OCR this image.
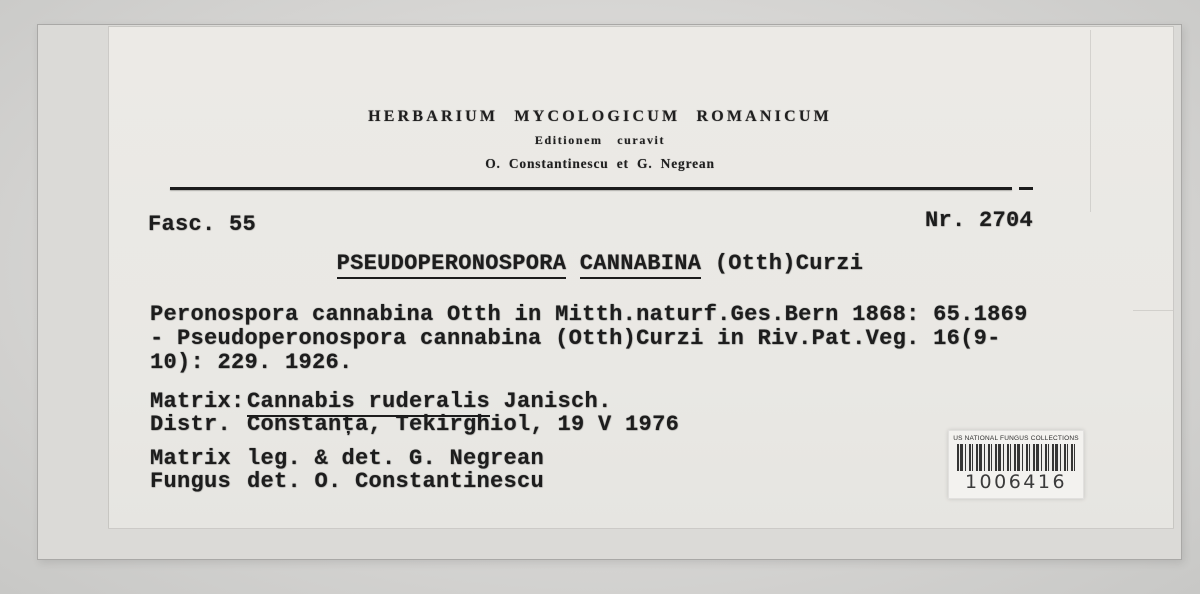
HERBARIUM MYCOLOGICUM ROMANICUM
Editionem curavit
O. Constantinescu et G. Negrean
Fasc. 55	Nr. 2704
PSEUDOPERONOSPORA CANNABINA (Otth)Curzi
Peronospora cannabina Otth in Mitth.naturf.Ges.Bern 1868: 65.1869
- Pseudoperonospora cannabina (Otth)Curzi in Riv.Pat.Veg. 16(9-
10): 229. 1926.
Matrix: Cannabis ruderalis Janisch.
Distr. Constanța, Tekirghiol, 19 V 1976
Matrix leg. & det. G. Negrean
Fungus det. O. Constantinescu
US NATIONAL FUNGUS COLLECTIONS
1006416
